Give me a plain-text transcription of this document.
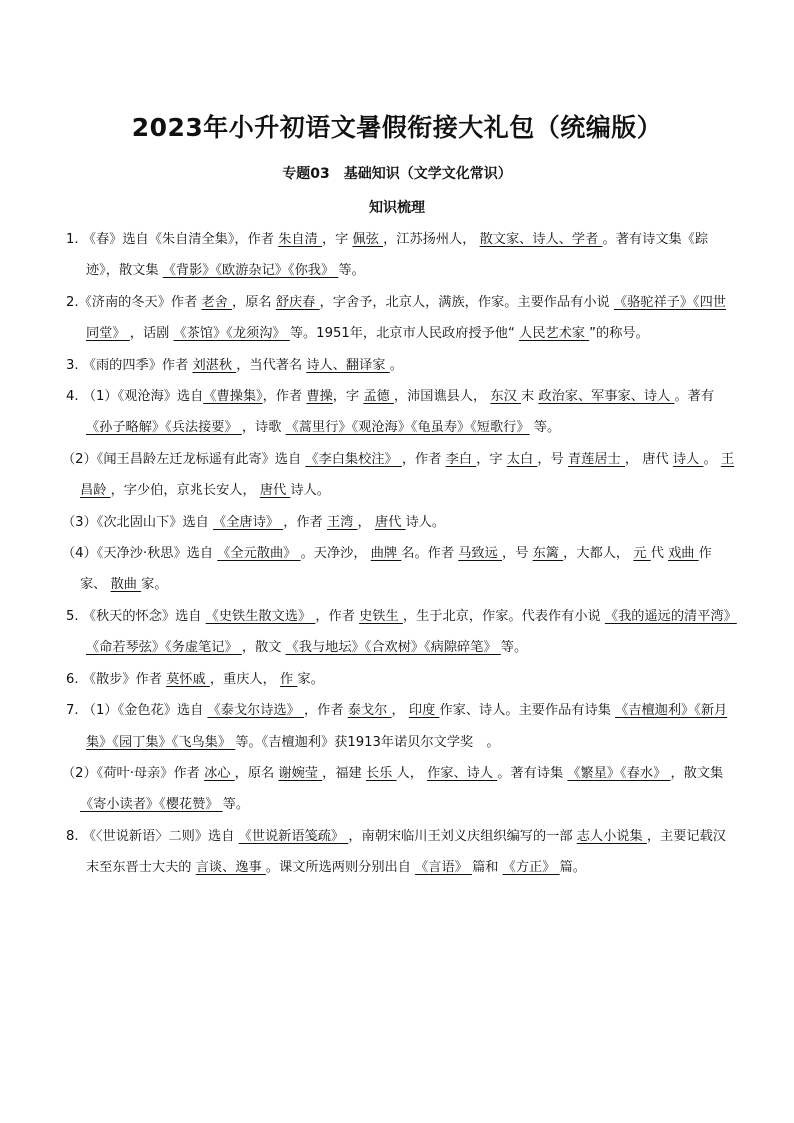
2023年小升初语文暑假衔接大礼包（统编版）
专题03　基础知识（文学文化常识）
知识梳理

1. 《春》选自《朱自清全集》，作者 朱自清 ，字 佩弦 ，江苏扬州人， 散文家、诗人、学者 。著有诗文集《踪迹》，散文集 《背影》《欧游杂记》《你我》 等。

2.《济南的冬天》作者 老舍 ，原名 舒庆春 ，字舍予，北京人，满族，作家。主要作品有小说 《骆驼祥子》《四世同堂》 ，话剧 《茶馆》《龙须沟》 等。1951年，北京市人民政府授予他“ 人民艺术家 ”的称号。

3. 《雨的四季》作者 刘湛秋 ，当代著名 诗人、翻译家 。

4. （1）《观沧海》选自《曹操集》，作者 曹操，字 孟德 ，沛国谯县人， 东汉 末 政治家、军事家、诗人 。著有 《孙子略解》《兵法接要》 ，诗歌 《蒿里行》《观沧海》《龟虽寿》《短歌行》 等。

（2）《闻王昌龄左迁龙标遥有此寄》选自 《李白集校注》 ，作者 李白 ，字 太白 ，号 青莲居士 ， 唐代 诗人 。 王昌龄 ，字少伯，京兆长安人， 唐代 诗人。

（3）《次北固山下》选自 《全唐诗》 ，作者 王湾 ， 唐代 诗人。

（4）《天净沙·秋思》选自 《全元散曲》 。天净沙， 曲牌 名。作者 马致远 ，号 东篱 ，大都人， 元 代 戏曲 作家、 散曲 家。

5. 《秋天的怀念》选自 《史铁生散文选》 ，作者 史铁生 ，生于北京，作家。代表作有小说 《我的遥远的清平湾》《命若琴弦》《务虚笔记》 ，散文 《我与地坛》《合欢树》《病隙碎笔》 等。

6. 《散步》作者 莫怀戚 ，重庆人， 作 家。

7. （1）《金色花》选自 《泰戈尔诗选》 ，作者 泰戈尔 ， 印度 作家、诗人。主要作品有诗集 《吉檀迦利》《新月集》《园丁集》《飞鸟集》 等。《吉檀迦利》获1913年诺贝尔文学奖　。

（2）《荷叶·母亲》作者 冰心 ，原名 谢婉莹 ，福建 长乐 人， 作家、诗人 。著有诗集 《繁星》《春水》 ，散文集 《寄小读者》《樱花赞》 等。

8. 《〈世说新语〉二则》选自 《世说新语笺疏》 ，南朝宋临川王刘义庆组织编写的一部 志人小说集 ，主要记载汉末至东晋士大夫的 言谈、逸事 。课文所选两则分别出自 《言语》 篇和 《方正》 篇。
